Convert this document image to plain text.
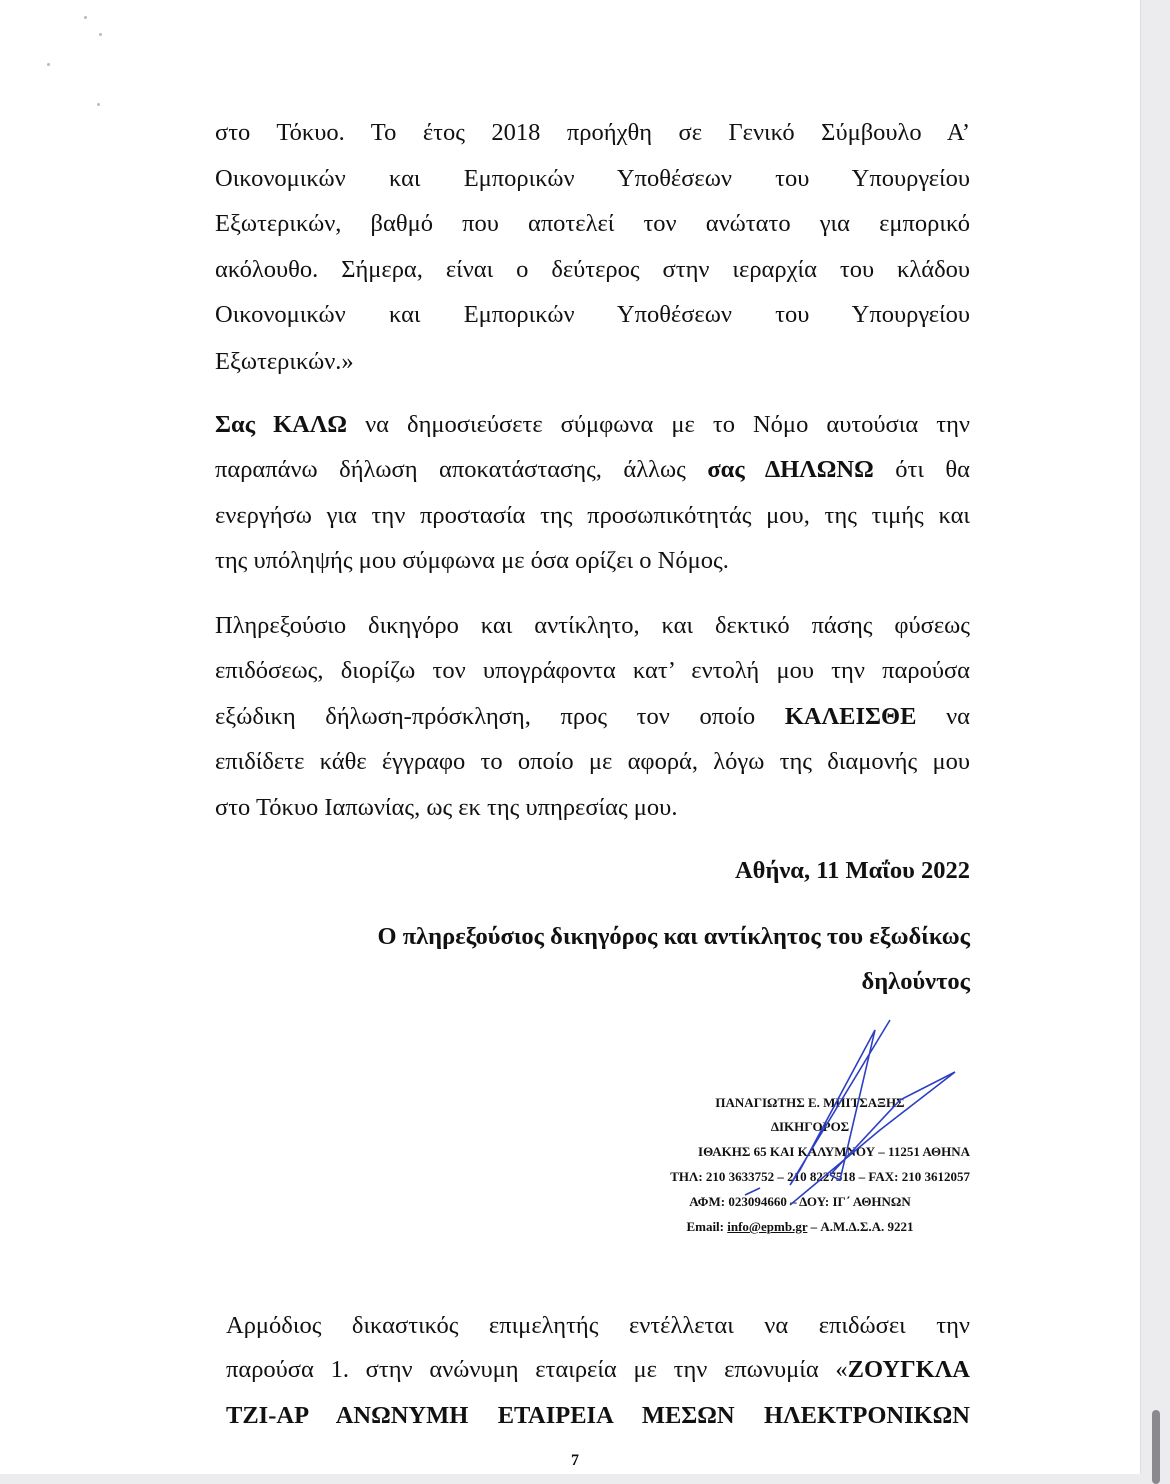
στο Τόκυο. Το έτος 2018 προήχθη σε Γενικό Σύμβουλο Α’
Οικονομικών και Εμπορικών Υποθέσεων του Υπουργείου
Εξωτερικών, βαθμό που αποτελεί τον ανώτατο για εμπορικό
ακόλουθο. Σήμερα, είναι ο δεύτερος στην ιεραρχία του κλάδου
Οικονομικών και Εμπορικών Υποθέσεων του Υπουργείου
Εξωτερικών.»
Σας ΚΑΛΩ να δημοσιεύσετε σύμφωνα με το Νόμο αυτούσια την
παραπάνω δήλωση αποκατάστασης, άλλως σας ΔΗΛΩΝΩ ότι θα
ενεργήσω για την προστασία της προσωπικότητάς μου, της τιμής και
της υπόληψής μου σύμφωνα με όσα ορίζει ο Νόμος.
Πληρεξούσιο δικηγόρο και αντίκλητο, και δεκτικό πάσης φύσεως
επιδόσεως, διορίζω τον υπογράφοντα κατ’ εντολή μου την παρούσα
εξώδικη δήλωση-πρόσκληση, προς τον οποίο ΚΑΛΕΙΣΘΕ να
επιδίδετε κάθε έγγραφο το οποίο με αφορά, λόγω της διαμονής μου
στο Τόκυο Ιαπωνίας, ως εκ της υπηρεσίας μου.
Αθήνα, 11 Μαΐου 2022
Ο πληρεξούσιος δικηγόρος και αντίκλητος του εξωδίκως
δηλούντος
ΠΑΝΑΓΙΩΤΗΣ Ε. ΜΠΙΤΣΑΞΗΣ
ΔΙΚΗΓΟΡΟΣ
ΙΘΑΚΗΣ 65 ΚΑΙ ΚΑΛΥΜΝΟΥ – 11251 ΑΘΗΝΑ
ΤΗΛ: 210 3633752 – 210 8227518 – FAX: 210 3612057
ΑΦΜ: 023094660 – ΔΟΥ: ΙΓ΄ ΑΘΗΝΩΝ
Email: info@epmb.gr – Α.Μ.Δ.Σ.Α. 9221
Αρμόδιος δικαστικός επιμελητής εντέλλεται να επιδώσει την
παρούσα 1. στην ανώνυμη εταιρεία με την επωνυμία «ΖΟΥΓΚΛΑ
ΤΖΙ-ΑΡ ΑΝΩΝΥΜΗ ΕΤΑΙΡΕΙΑ ΜΕΣΩΝ ΗΛΕΚΤΡΟΝΙΚΩΝ
7
